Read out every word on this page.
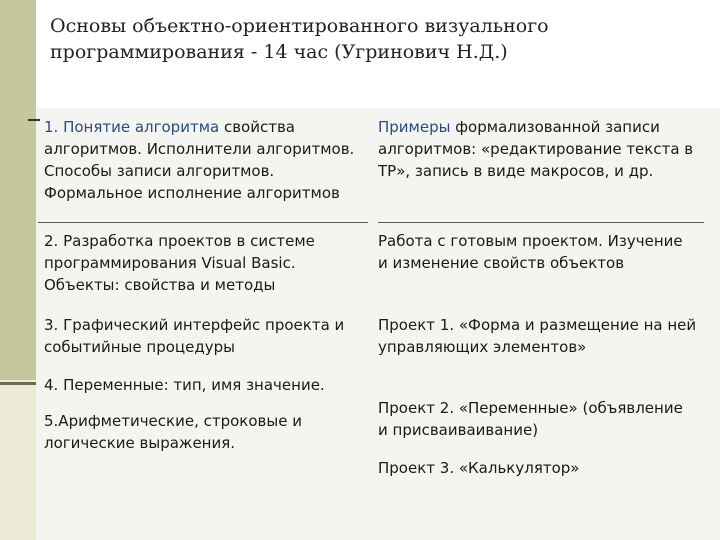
Основы объектно-ориентированного визуального программирования - 14 час (Угринович Н.Д.)

1. Понятие алгоритма свойства алгоритмов. Исполнители алгоритмов. Способы записи алгоритмов. Формальное исполнение алгоритмов

Примеры формализованной записи алгоритмов: «редактирование текста в ТР», запись в виде макросов, и др.

2. Разработка проектов в системе программирования Visual Basic. Объекты: свойства и методы

Работа с готовым проектом. Изучение и изменение свойств объектов

3. Графический интерфейс проекта и событийные процедуры

Проект 1. «Форма и размещение на ней управляющих элементов»

4. Переменные: тип, имя значение.

5.Арифметические, строковые и логические выражения.

Проект 2. «Переменные» (объявление и присваиваивание)

Проект 3. «Калькулятор»
